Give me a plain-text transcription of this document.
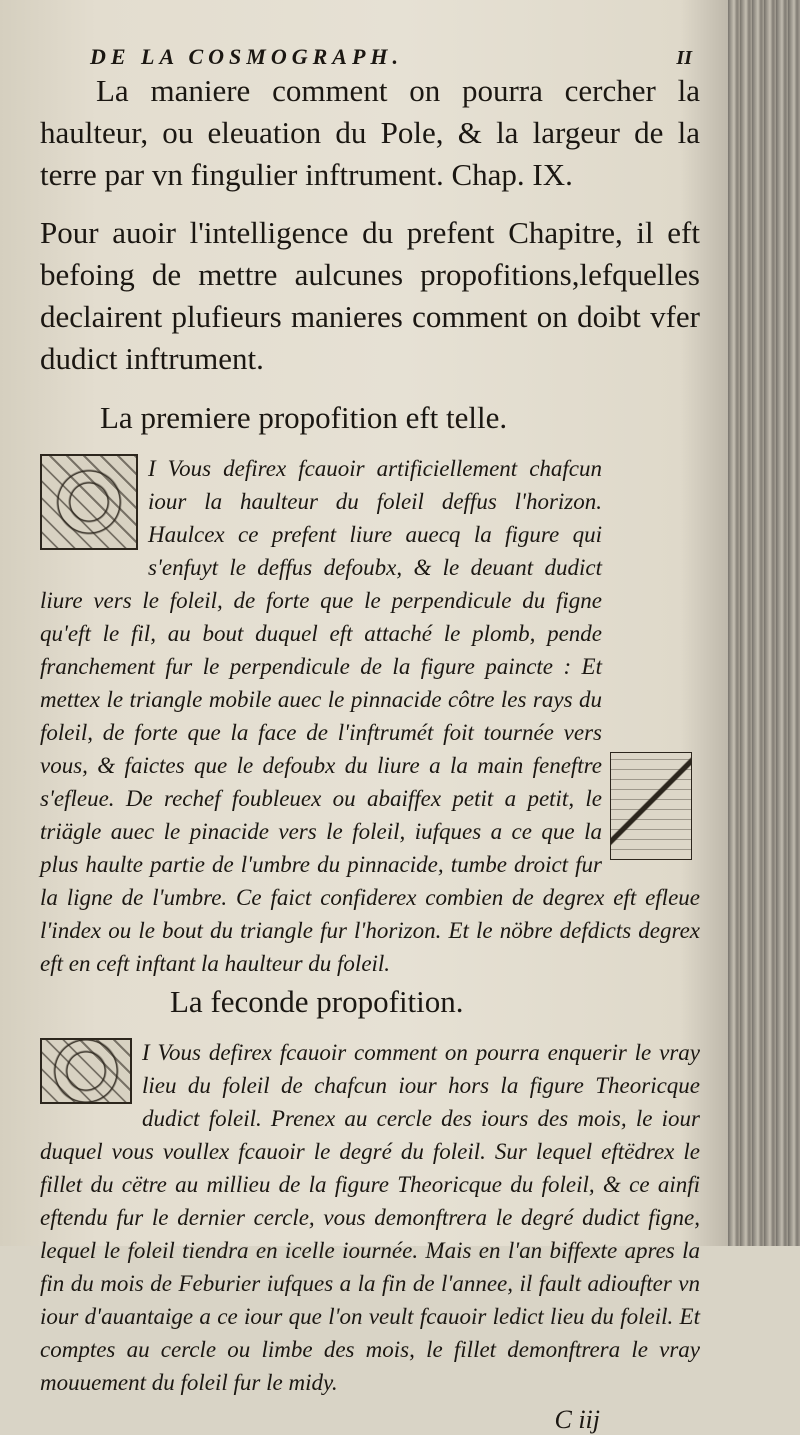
DE LA COSMOGRAPH.	II

La maniere comment on pourra cercher la haulteur, ou eleuation du Pole, & la largeur de la terre par vn fingulier inftrument. Chap. IX.

Pour auoir l'intelligence du prefent Chapitre, il eft befoing de mettre aulcunes propofitions,lefquelles declairent plufieurs manieres comment on doibt vfer dudict inftrument.

La premiere propofition eft telle.

I Vous defirex fcauoir artificiellement chafcun iour la haulteur du foleil deffus l'horizon. Haulcex ce prefent liure auecq la figure qui s'enfuyt le deffus defoubx, & le deuant dudict liure vers le foleil, de forte que le perpendicule du figne qu'eft le fil, au bout duquel eft attaché le plomb, pende franchement fur le perpendicule de la figure paincte : Et mettex le triangle mobile auec le pinnacide côtre les rays du foleil, de forte que la face de l'inftrumét foit tournée vers vous, & faictes que le defoubx du liure a la main feneftre s'efleue. De rechef foubleuex ou abaiffex petit a petit, le triägle auec le pinacide vers le foleil, iufques a ce que la plus haulte partie de l'umbre du pinnacide, tumbe droict fur la ligne de l'umbre. Ce faict confiderex combien de degrex eft efleue l'index ou le bout du triangle fur l'horizon. Et le nöbre defdicts degrex eft en ceft inftant la haulteur du foleil.

La feconde propofition.

I Vous defirex fcauoir comment on pourra enquerir le vray lieu du foleil de chafcun iour hors la figure Theoricque dudict foleil. Prenex au cercle des iours des mois, le iour duquel vous voullex fcauoir le degré du foleil. Sur lequel eftëdrex le fillet du cëtre au millieu de la figure Theoricque du foleil, & ce ainfi eftendu fur le dernier cercle, vous demonftrera le degré dudict figne, lequel le foleil tiendra en icelle iournée. Mais en l'an biffexte apres la fin du mois de Feburier iufques a la fin de l'annee, il fault adioufter vn iour d'auantaige a ce iour que l'on veult fcauoir ledict lieu du foleil. Et comptes au cercle ou limbe des mois, le fillet demonftrera le vray mouuement du foleil fur le midy.

C iij
